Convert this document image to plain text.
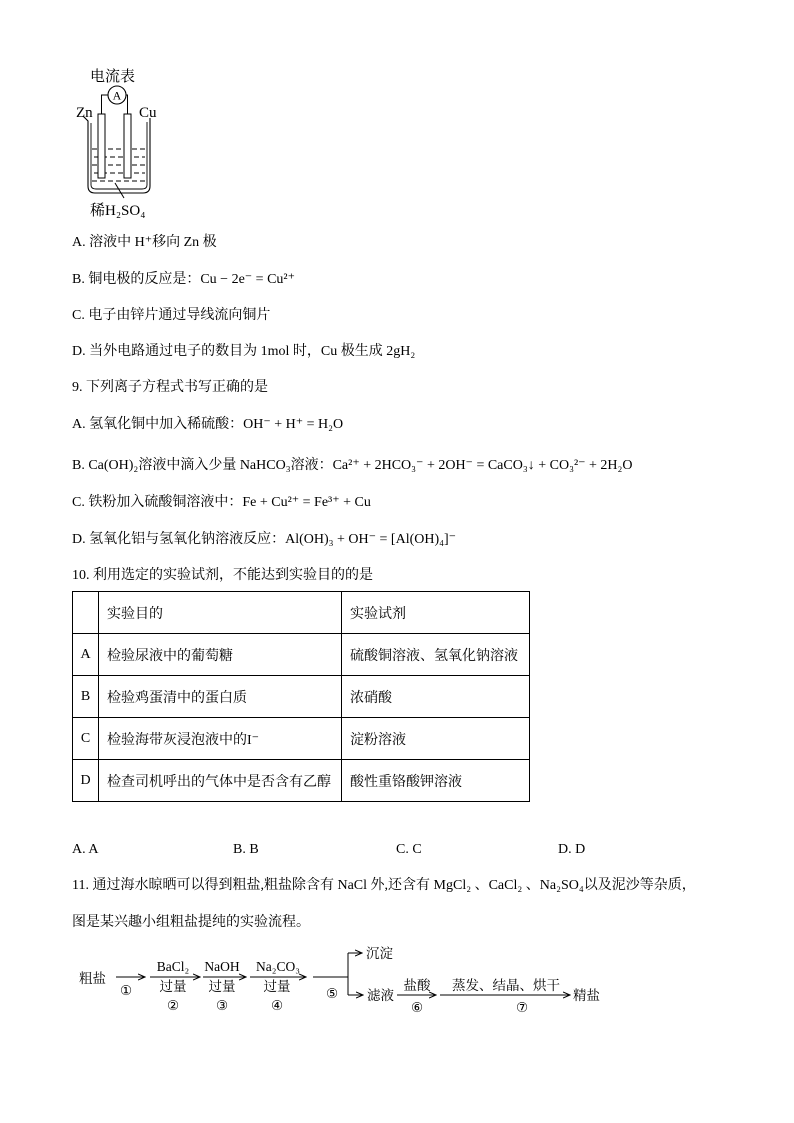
电流表
A
Zn	Cu
稀H₂SO₄
A. 溶液中 H⁺移向 Zn 极
B. 铜电极的反应是：Cu − 2e⁻ = Cu²⁺
C. 电子由锌片通过导线流向铜片
D. 当外电路通过电子的数目为 1mol 时，Cu 极生成 2gH₂
9. 下列离子方程式书写正确的是
A. 氢氧化铜中加入稀硫酸：OH⁻ + H⁺ = H₂O
B. Ca(OH)₂溶液中滴入少量 NaHCO₃溶液：Ca²⁺ + 2HCO₃⁻ + 2OH⁻ = CaCO₃↓ + CO₃²⁻ + 2H₂O
C. 铁粉加入硫酸铜溶液中：Fe + Cu²⁺ = Fe³⁺ + Cu
D. 氢氧化铝与氢氧化钠溶液反应：Al(OH)₃ + OH⁻ = [Al(OH)₄]⁻
10. 利用选定的实验试剂，不能达到实验目的的是
	实验目的	实验试剂
A	检验尿液中的葡萄糖	硫酸铜溶液、氢氧化钠溶液
B	检验鸡蛋清中的蛋白质	浓硝酸
C	检验海带灰浸泡液中的I⁻	淀粉溶液
D	检查司机呼出的气体中是否含有乙醇	酸性重铬酸钾溶液
A. A	B. B	C. C	D. D
11. 通过海水晾晒可以得到粗盐,粗盐除含有 NaCl 外,还含有 MgCl₂ 、CaCl₂ 、Na₂SO₄以及泥沙等杂质，
图是某兴趣小组粗盐提纯的实验流程。
粗盐
①
BaCl₂
过量
②
NaOH
过量
③
Na₂CO₃
过量
④
⑤
沉淀
滤液
盐酸
⑥
蒸发、结晶、烘干
⑦
精盐
